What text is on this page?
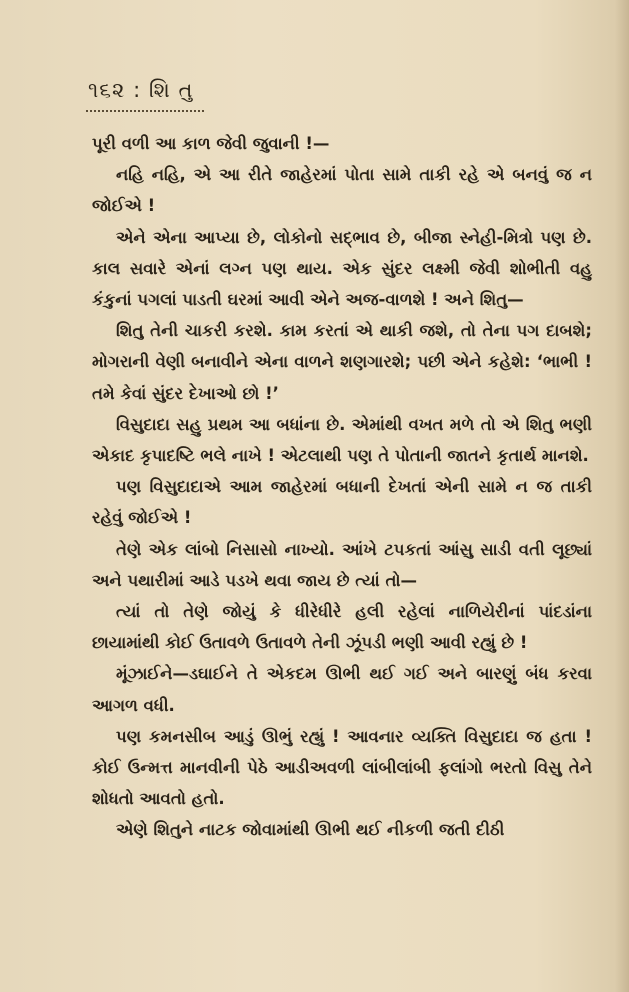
૧૬૨ : શિ તુ

પૂરી વળી આ કાળ જેવી જુવાની !—

નહિ નહિ, એ આ રીતે જાહેરમાં પોતા સામે તાકી રહે એ બનવું જ ન જોઈએ !

એને એના આપ્યા છે, લોકોનો સદ્ભાવ છે, બીજા સ્નેહી-મિત્રો પણ છે. કાલ સવારે એનાં લગ્ન પણ થાય. એક સુંદર લક્ષ્મી જેવી શોભીતી વહુ કંકુનાં પગલાં પાડતી ઘરમાં આવી એને અજ-વાળશે ! અને શિતુ—

શિતુ તેની ચાકરી કરશે. કામ કરતાં એ થાકી જશે, તો તેના પગ દાબશે; મોગરાની વેણી બનાવીને એના વાળને શણગારશે; પછી એને કહેશે: ‘ભાભી ! તમે કેવાં સુંદર દેખાઓ છો !’

વિસુદાદા સહુ પ્રથમ આ બધાંના છે. એમાંથી વખત મળે તો એ શિતુ ભણી એકાદ કૃપાદષ્ટિ ભલે નાખે ! એટલાથી પણ તે પોતાની જાતને કૃતાર્થ માનશે.

પણ વિસુદાદાએ આમ જાહેરમાં બધાની દેખતાં એની સામે ન જ તાકી રહેવું જોઈએ !

તેણે એક લાંબો નિસાસો નાખ્યો. આંખે ટપકતાં આંસુ સાડી વતી લૂછ્યાં અને પથારીમાં આડે પડખે થવા જાય છે ત્યાં તો—

ત્યાં તો તેણે જોયું કે ધીરેધીરે હલી રહેલાં નાળિયેરીનાં પાંદડાંના છાયામાંથી કોઈ ઉતાવળે ઉતાવળે તેની ઝૂંપડી ભણી આવી રહ્યું છે !

મૂંઝાઈને—ડઘાઈને તે એકદમ ઊભી થઈ ગઈ અને બારણું બંધ કરવા આગળ વધી.

પણ કમનસીબ આડું ઊભું રહ્યું ! આવનાર વ્યક્તિ વિસુદાદા જ હતા ! કોઈ ઉન્મત્ત માનવીની પેઠે આડીઅવળી લાંબીલાંબી ફલાંગો ભરતો વિસુ તેને શોધતો આવતો હતો.

એણે શિતુને નાટક જોવામાંથી ઊભી થઈ નીકળી જતી દીઠી
